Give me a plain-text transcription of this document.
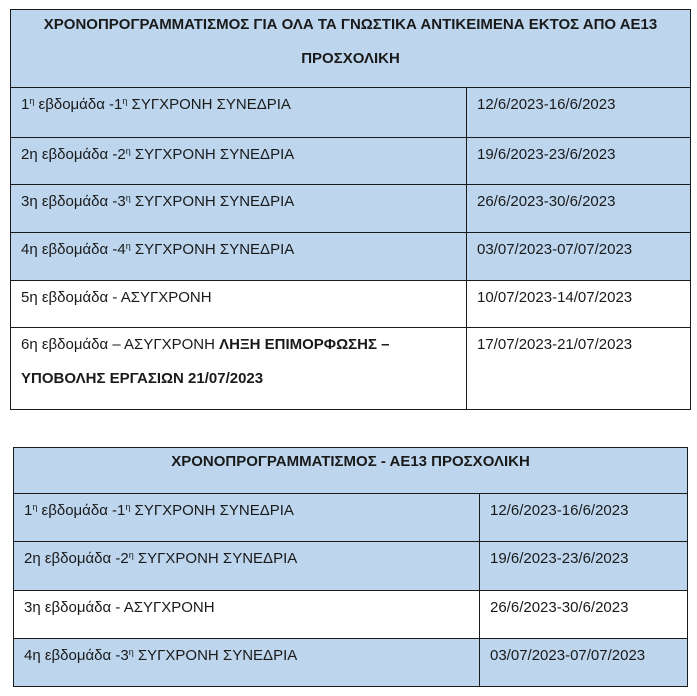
ΧΡΟΝΟΠΡΟΓΡΑΜΜΑΤΙΣΜΟΣ ΓΙΑ ΟΛΑ ΤΑ ΓΝΩΣΤΙΚΑ ΑΝΤΙΚΕΙΜΕΝΑ ΕΚΤΟΣ ΑΠΟ ΑΕ13
ΠΡΟΣΧΟΛΙΚΗ	

$1^\eta$ εβδομάδα $-1^\eta$ ΣΥΓΧΡΟΝΗ ΣΥΝΕΔΡΙΑ	12/6/2023-16/6/2023

2η εβδομάδα $-2^\eta$ ΣΥΓΧΡΟΝΗ ΣΥΝΕΔΡΙΑ	19/6/2023-23/6/2023

3η εβδομάδα $-3^\eta$ ΣΥΓΧΡΟΝΗ ΣΥΝΕΔΡΙΑ	26/6/2023-30/6/2023

4η εβδομάδα $-4^\eta$ ΣΥΓΧΡΟΝΗ ΣΥΝΕΔΡΙΑ	03/07/2023-07/07/2023

5η εβδομάδα - ΑΣΥΓΧΡΟΝΗ	10/07/2023-14/07/2023

6η εβδομάδα – ΑΣΥΓΧΡΟΝΗ ΛΗΞΗ ΕΠΙΜΟΡΦΩΣΗΣ –
ΥΠΟΒΟΛΗΣ ΕΡΓΑΣΙΩΝ 21/07/2023	17/07/2023-21/07/2023
ΧΡΟΝΟΠΡΟΓΡΑΜΜΑΤΙΣΜΟΣ - ΑΕ13 ΠΡΟΣΧΟΛΙΚΗ	

$1^\eta$ εβδομάδα $-1^\eta$ ΣΥΓΧΡΟΝΗ ΣΥΝΕΔΡΙΑ	12/6/2023-16/6/2023

2η εβδομάδα $-2^\eta$ ΣΥΓΧΡΟΝΗ ΣΥΝΕΔΡΙΑ	19/6/2023-23/6/2023

3η εβδομάδα - ΑΣΥΓΧΡΟΝΗ	26/6/2023-30/6/2023

4η εβδομάδα $-3^\eta$ ΣΥΓΧΡΟΝΗ ΣΥΝΕΔΡΙΑ	03/07/2023-07/07/2023
